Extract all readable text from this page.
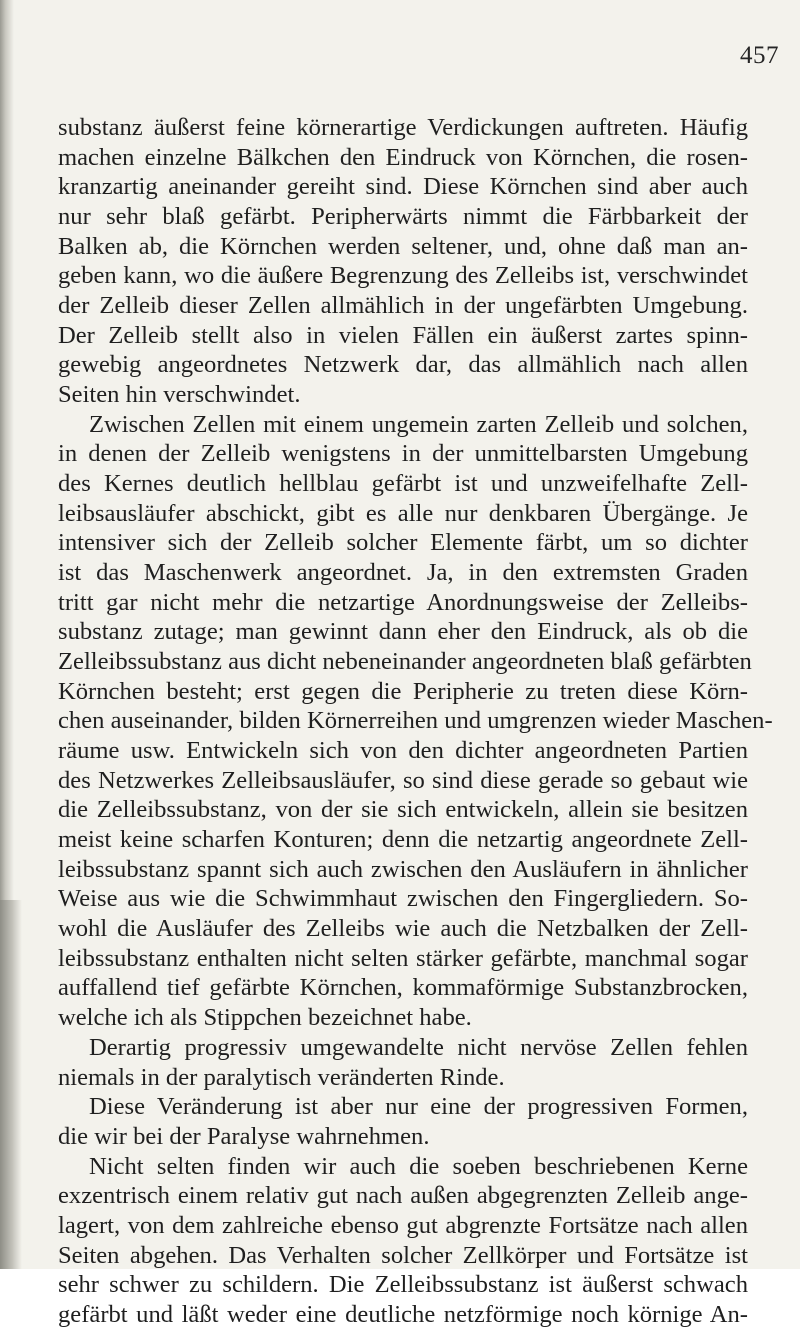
457
substanz äußerst feine körnerartige Verdickungen auftreten. Häufig
machen einzelne Bälkchen den Eindruck von Körnchen, die rosen-
kranzartig aneinander gereiht sind. Diese Körnchen sind aber auch
nur sehr blaß gefärbt. Peripherwärts nimmt die Färbbarkeit der
Balken ab, die Körnchen werden seltener, und, ohne daß man an-
geben kann, wo die äußere Begrenzung des Zelleibs ist, verschwindet
der Zelleib dieser Zellen allmählich in der ungefärbten Umgebung.
Der Zelleib stellt also in vielen Fällen ein äußerst zartes spinn-
gewebig angeordnetes Netzwerk dar, das allmählich nach allen
Seiten hin verschwindet.
Zwischen Zellen mit einem ungemein zarten Zelleib und solchen,
in denen der Zelleib wenigstens in der unmittelbarsten Umgebung
des Kernes deutlich hellblau gefärbt ist und unzweifelhafte Zell-
leibsausläufer abschickt, gibt es alle nur denkbaren Übergänge. Je
intensiver sich der Zelleib solcher Elemente färbt, um so dichter
ist das Maschenwerk angeordnet. Ja, in den extremsten Graden
tritt gar nicht mehr die netzartige Anordnungsweise der Zelleibs-
substanz zutage; man gewinnt dann eher den Eindruck, als ob die
Zelleibssubstanz aus dicht nebeneinander angeordneten blaß gefärbten
Körnchen besteht; erst gegen die Peripherie zu treten diese Körn-
chen auseinander, bilden Körnerreihen und umgrenzen wieder Maschen-
räume usw. Entwickeln sich von den dichter angeordneten Partien
des Netzwerkes Zelleibsausläufer, so sind diese gerade so gebaut wie
die Zelleibssubstanz, von der sie sich entwickeln, allein sie besitzen
meist keine scharfen Konturen; denn die netzartig angeordnete Zell-
leibssubstanz spannt sich auch zwischen den Ausläufern in ähnlicher
Weise aus wie die Schwimmhaut zwischen den Fingergliedern. So-
wohl die Ausläufer des Zelleibs wie auch die Netzbalken der Zell-
leibssubstanz enthalten nicht selten stärker gefärbte, manchmal sogar
auffallend tief gefärbte Körnchen, kommaförmige Substanzbrocken,
welche ich als Stippchen bezeichnet habe.
Derartig progressiv umgewandelte nicht nervöse Zellen fehlen
niemals in der paralytisch veränderten Rinde.
Diese Veränderung ist aber nur eine der progressiven Formen,
die wir bei der Paralyse wahrnehmen.
Nicht selten finden wir auch die soeben beschriebenen Kerne
exzentrisch einem relativ gut nach außen abgegrenzten Zelleib ange-
lagert, von dem zahlreiche ebenso gut abgrenzte Fortsätze nach allen
Seiten abgehen. Das Verhalten solcher Zellkörper und Fortsätze ist
sehr schwer zu schildern. Die Zelleibssubstanz ist äußerst schwach
gefärbt und läßt weder eine deutliche netzförmige noch körnige An-
